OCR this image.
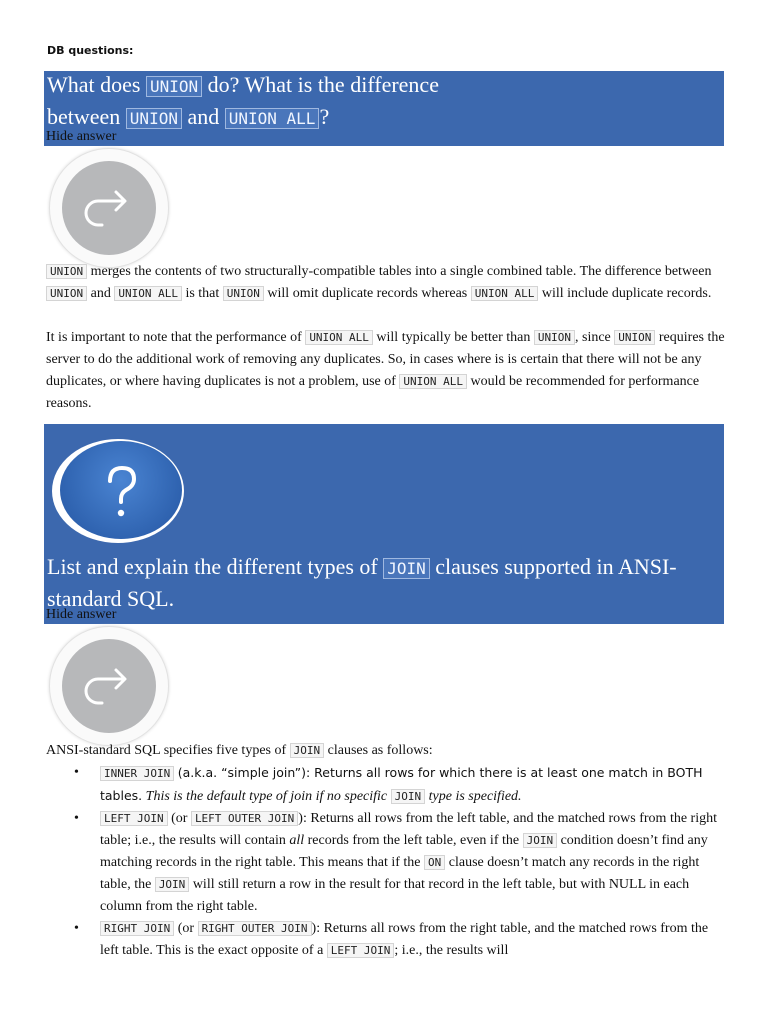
DB questions:
What does UNION do? What is the difference between UNION and UNION ALL ?
Hide answer
UNION merges the contents of two structurally-compatible tables into a single combined table. The difference between UNION and UNION ALL is that UNION will omit duplicate records whereas UNION ALL will include duplicate records.
It is important to note that the performance of UNION ALL will typically be better than UNION , since UNION requires the server to do the additional work of removing any duplicates. So, in cases where is is certain that there will not be any duplicates, or where having duplicates is not a problem, use of UNION ALL would be recommended for performance reasons.
List and explain the different types of JOIN clauses supported in ANSI-standard SQL.
Hide answer
ANSI-standard SQL specifies five types of JOIN clauses as follows:
• INNER JOIN (a.k.a. “simple join”): Returns all rows for which there is at least one match in BOTH tables. This is the default type of join if no specific JOIN type is specified.
• LEFT JOIN (or LEFT OUTER JOIN ): Returns all rows from the left table, and the matched rows from the right table; i.e., the results will contain all records from the left table, even if the JOIN condition doesn’t find any matching records in the right table. This means that if the ON clause doesn’t match any records in the right table, the JOIN will still return a row in the result for that record in the left table, but with NULL in each column from the right table.
• RIGHT JOIN (or RIGHT OUTER JOIN ): Returns all rows from the right table, and the matched rows from the left table. This is the exact opposite of a LEFT JOIN ; i.e., the results will
